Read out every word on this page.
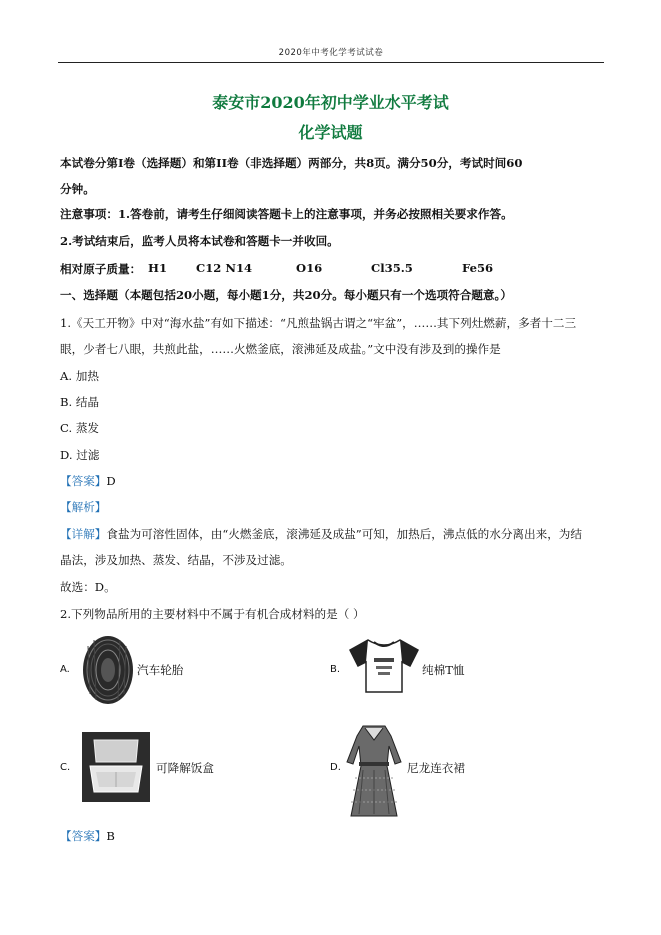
2020年中考化学考试试卷
泰安市2020年初中学业水平考试
化学试题
本试卷分第I卷（选择题）和第II卷（非选择题）两部分，共8页。满分50分，考试时间60
分钟。
注意事项：1.答卷前，请考生仔细阅读答题卡上的注意事项，并务必按照相关要求作答。
2.考试结束后，监考人员将本试卷和答题卡一并收回。
相对原子质量： H1 C12 N14	O16	Cl35.5	Fe56
一、选择题（本题包括20小题，每小题1分，共20分。每小题只有一个选项符合题意。）
1.《天工开物》中对“海水盐”有如下描述：“凡煎盐锅古谓之“牢盆”，……其下列灶燃薪，多者十二三
眼，少者七八眼，共煎此盐，……火燃釜底，滚沸延及成盐。”文中没有涉及到的操作是
A. 加热
B. 结晶
C. 蒸发
D. 过滤
【答案】D
【解析】
【详解】食盐为可溶性固体，由“火燃釜底，滚沸延及成盐”可知，加热后，沸点低的水分离出来，为结
晶法，涉及加热、蒸发、结晶，不涉及过滤。
故选：D。
2.下列物品所用的主要材料中不属于有机合成材料的是（ ）
A.	汽车轮胎	B.	纯棉T恤
C.	可降解饭盒	D.	尼龙连衣裙
【答案】B
